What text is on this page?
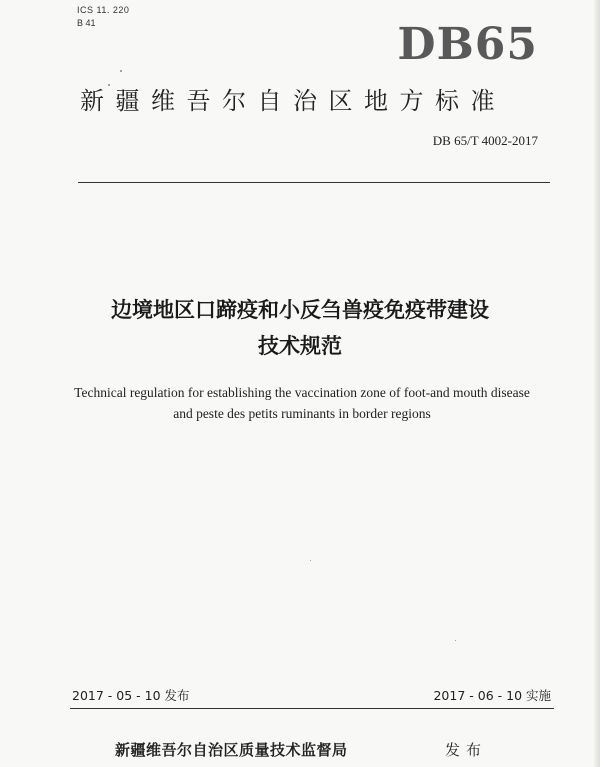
ICS 11. 220
B 41	DB65
新疆维吾尔自治区地方标准
DB 65/T 4002-2017
边境地区口蹄疫和小反刍兽疫免疫带建设
技术规范
Technical regulation for establishing the vaccination zone of foot-and mouth disease
and peste des petits ruminants in border regions
2017 - 05 - 10 发布	2017 - 06 - 10 实施
新疆维吾尔自治区质量技术监督局	发布
